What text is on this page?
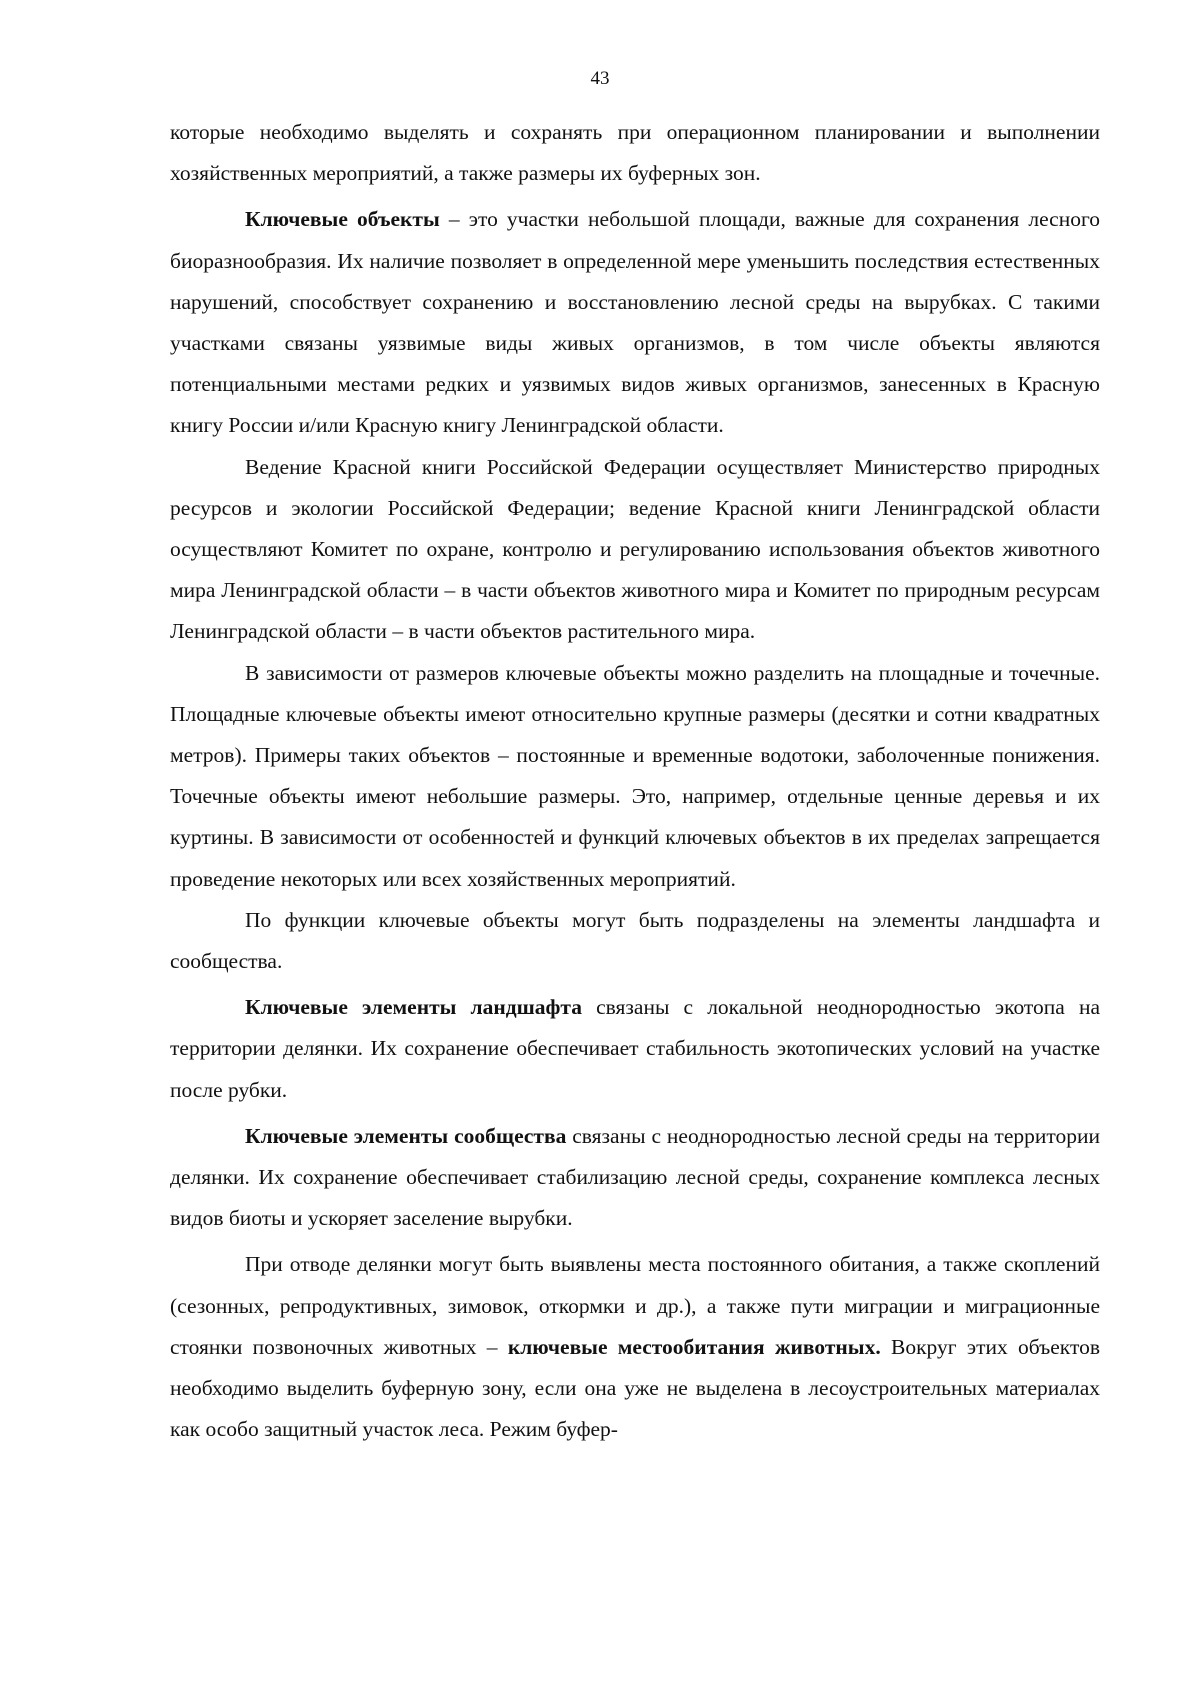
43

которые необходимо выделять и сохранять при операционном планировании и выполнении хозяйственных мероприятий, а также размеры их буферных зон.

Ключевые объекты – это участки небольшой площади, важные для сохранения лесного биоразнообразия. Их наличие позволяет в определенной мере уменьшить последствия естественных нарушений, способствует сохранению и восстановлению лесной среды на вырубках. С такими участками связаны уязвимые виды живых организмов, в том числе объекты являются потенциальными местами редких и уязвимых видов живых организмов, занесенных в Красную книгу России и/или Красную книгу Ленинградской области.

Ведение Красной книги Российской Федерации осуществляет Министерство природных ресурсов и экологии Российской Федерации; ведение Красной книги Ленинградской области осуществляют Комитет по охране, контролю и регулированию использования объектов животного мира Ленинградской области – в части объектов животного мира и Комитет по природным ресурсам Ленинградской области – в части объектов растительного мира.

В зависимости от размеров ключевые объекты можно разделить на площадные и точечные. Площадные ключевые объекты имеют относительно крупные размеры (десятки и сотни квадратных метров). Примеры таких объектов – постоянные и временные водотоки, заболоченные понижения. Точечные объекты имеют небольшие размеры. Это, например, отдельные ценные деревья и их куртины. В зависимости от особенностей и функций ключевых объектов в их пределах запрещается проведение некоторых или всех хозяйственных мероприятий.

По функции ключевые объекты могут быть подразделены на элементы ландшафта и сообщества.

Ключевые элементы ландшафта связаны с локальной неоднородностью экотопа на территории делянки. Их сохранение обеспечивает стабильность экотопических условий на участке после рубки.

Ключевые элементы сообщества связаны с неоднородностью лесной среды на территории делянки. Их сохранение обеспечивает стабилизацию лесной среды, сохранение комплекса лесных видов биоты и ускоряет заселение вырубки.

При отводе делянки могут быть выявлены места постоянного обитания, а также скоплений (сезонных, репродуктивных, зимовок, откормки и др.), а также пути миграции и миграционные стоянки позвоночных животных – ключевые местообитания животных. Вокруг этих объектов необходимо выделить буферную зону, если она уже не выделена в лесоустроительных материалах как особо защитный участок леса. Режим буфер-
